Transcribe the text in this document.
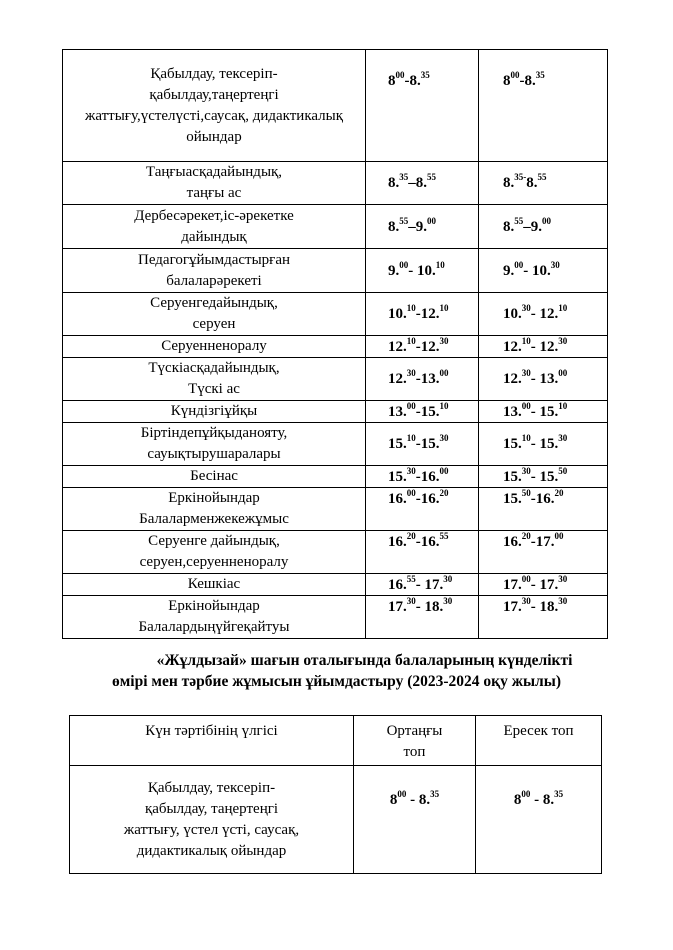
Қабылдау, тексеріп-
қабылдау,таңертеңгі
жаттығу,үстелүсті,саусақ, дидактикалық
ойындар	$8^{00}-8.35$	$8^{00}-8.35$

Таңғыасқадайындық,
таңғы ас	8.35–8.55	8.$^{35-}$8.55

Дербесәрекет,іс-әрекетке
дайындық	8.55–9.00	8.55–9.00

Педагогұйымдастырған
балаларәрекеті	9.00- 10.10	9.00- 10.30

Серуенгедайындық,
серуен	10.10-12.10	10.30- 12.10

Серуенненоралу	12.10-12.30	12.10- 12.30

Түскіасқадайындық,
Түскі ас	12.30-13.00	12.30- 13.00

Күндізгіұйқы	13.00-15.10	13.00- 15.10

Біртіндепұйқыданояту,
сауықтырушаралары	15.10-15.30	15.10- 15.30

Бесінас	15.30-16.00	15.30- 15.50

Еркінойындар
Балаларменжекежұмыс	16.00-16.20	15.50-16.20

Серуенге дайындық,
серуен,серуенненоралу	16.20-16.55	16.20-17.00

Кешкіас	16.55- 17.30	17.00- 17.30

Еркінойындар
Балалардыңүйгеқайтуы	17.30- 18.30	17.30- 18.30
«Жұлдызай» шағын оталығында балаларының күнделікті
өмірі мен тәрбие жұмысын ұйымдастыру (2023-2024 оқу жылы)
Күн тәртібінің үлгісі	Ортаңғы топ	Ересек топ

Қабылдау, тексеріп-
қабылдау, таңертеңгі
жаттығу, үстел үсті, саусақ,
дидактикалық ойындар	$8^{00} - 8.35$	$8^{00} - 8.35$
